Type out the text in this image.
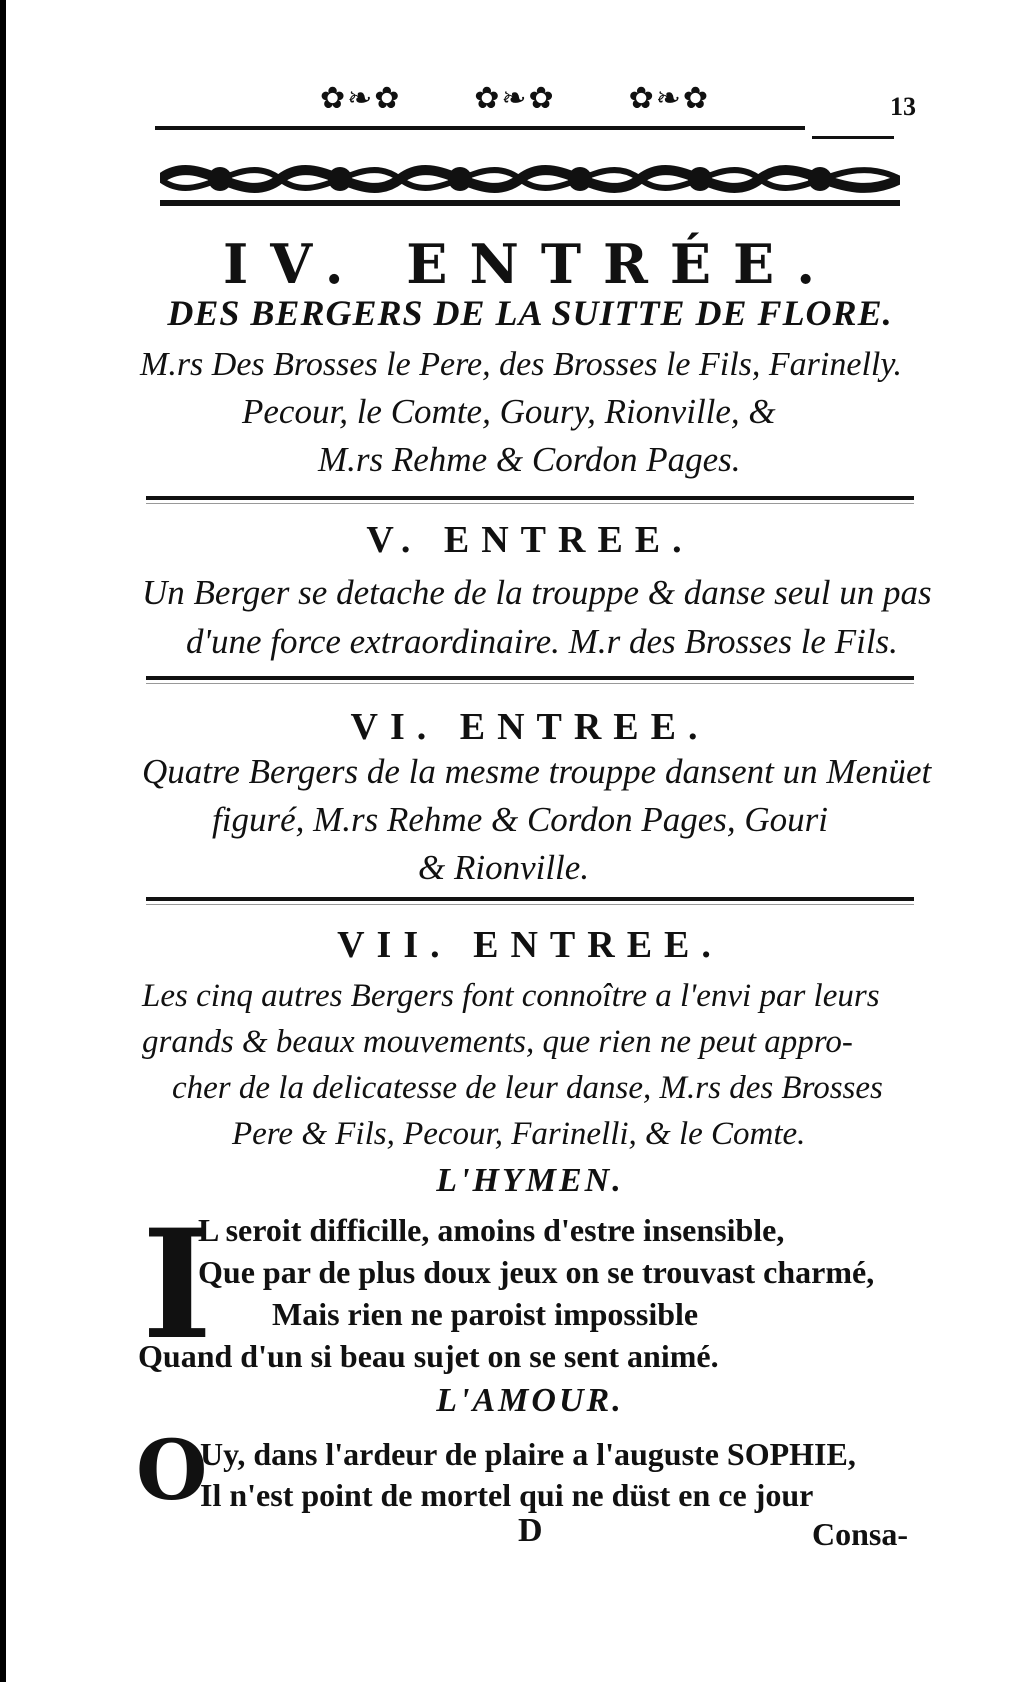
✿❧✿ ✿❧✿ ✿❧✿	13
IV. ENTRÉE.
DES BERGERS DE LA SUITTE DE FLORE.
M.rs Des Brosses le Pere, des Brosses le Fils, Farinelly.
Pecour, le Comte, Goury, Rionville, &
M.rs Rehme & Cordon Pages.
V. ENTREE.
Un Berger se detache de la trouppe & danse seul un pas
d'une force extraordinaire. M.r des Brosses le Fils.
VI. ENTREE.
Quatre Bergers de la mesme trouppe dansent un Menüet
figuré, M.rs Rehme & Cordon Pages, Gouri
& Rionville.
VII. ENTREE.
Les cinq autres Bergers font connoître a l'envi par leurs
grands & beaux mouvements, que rien ne peut appro-
cher de la delicatesse de leur danse, M.rs des Brosses
Pere & Fils, Pecour, Farinelli, & le Comte.
L'HYMEN.
I
L seroit difficille, amoins d'estre insensible,
Que par de plus doux jeux on se trouvast charmé,
Mais rien ne paroist impossible
Quand d'un si beau sujet on se sent animé.
L'AMOUR.
O
Uy, dans l'ardeur de plaire a l'auguste SOPHIE,
Il n'est point de mortel qui ne düst en ce jour
D	Consa-
